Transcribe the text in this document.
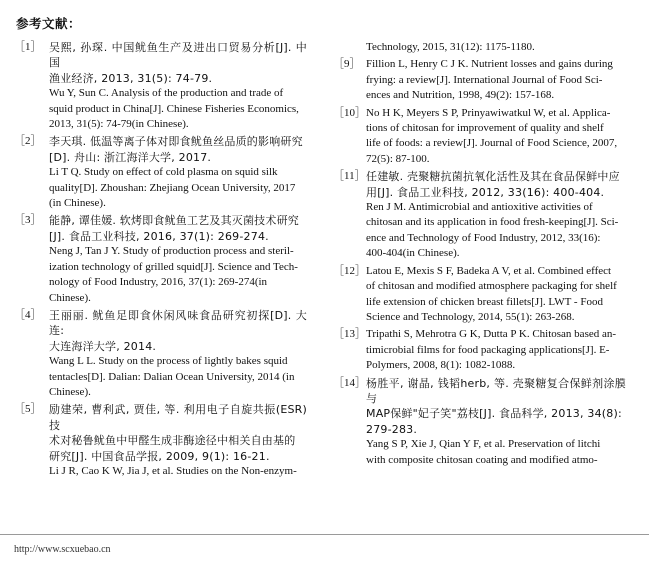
参考文献：
［1］ 吴熙, 孙琛. 中国鱿鱼生产及进出口贸易分析[J]. 中国
渔业经济, 2013, 31(5): 74-79.
Wu Y, Sun C. Analysis of the production and trade of
squid product in China[J]. Chinese Fisheries Economics,
2013, 31(5): 74-79(in Chinese).
［2］ 李天琪. 低温等离子体对即食鱿鱼丝品质的影响研究
[D]. 舟山: 浙江海洋大学, 2017.
Li T Q. Study on effect of cold plasma on squid silk
quality[D]. Zhoushan: Zhejiang Ocean University, 2017
(in Chinese).
［3］ 能静, 谭佳媛. 软烤即食鱿鱼工艺及其灭菌技术研究
[J]. 食品工业科技, 2016, 37(1): 269-274.
Neng J, Tan J Y. Study of production process and steril-
ization technology of grilled squid[J]. Science and Tech-
nology of Food Industry, 2016, 37(1): 269-274(in
Chinese).
［4］ 王丽丽. 鱿鱼足即食休闲风味食品研究初探[D]. 大连:
大连海洋大学, 2014.
Wang L L. Study on the process of lightly bakes squid
tentacles[D]. Dalian: Dalian Ocean University, 2014 (in
Chinese).
［5］ 励建荣, 曹利武, 贾佳, 等. 利用电子自旋共振(ESR)技
术对秘鲁鱿鱼中甲醛生成非酶途径中相关自由基的
研究[J]. 中国食品学报, 2009, 9(1): 16-21.
Li J R, Cao K W, Jia J, et al. Studies on the Non-enzym-
Technology, 2015, 31(12): 1175-1180.
［9］ Fillion L, Henry C J K. Nutrient losses and gains during
frying: a review[J]. International Journal of Food Sci-
ences and Nutrition, 1998, 49(2): 157-168.
［10］ No H K, Meyers S P, Prinyawiwatkul W, et al. Applica-
tions of chitosan for improvement of quality and shelf
life of foods: a review[J]. Journal of Food Science, 2007,
72(5): 87-100.
［11］ 任建敏. 壳聚糖抗菌抗氧化活性及其在食品保鲜中应
用[J]. 食品工业科技, 2012, 33(16): 400-404.
Ren J M. Antimicrobial and antioxitive activities of
chitosan and its application in food fresh-keeping[J]. Sci-
ence and Technology of Food Industry, 2012, 33(16):
400-404(in Chinese).
［12］ Latou E, Mexis S F, Badeka A V, et al. Combined effect
of chitosan and modified atmosphere packaging for shelf
life extension of chicken breast fillets[J]. LWT - Food
Science and Technology, 2014, 55(1): 263-268.
［13］ Tripathi S, Mehrotra G K, Dutta P K. Chitosan based an-
timicrobial films for food packaging applications[J]. E-
Polymers, 2008, 8(1): 1082-1088.
［14］ 杨胜平, 谢晶, 钱韬herb, 等. 壳聚糖复合保鲜剂涂膜与
MAP保鲜"妃子笑"荔枝[J]. 食品科学, 2013, 34(8):
279-283.
Yang S P, Xie J, Qian Y F, et al. Preservation of litchi
with composite chitosan coating and modified atmo-
http://www.scxuebao.cn
